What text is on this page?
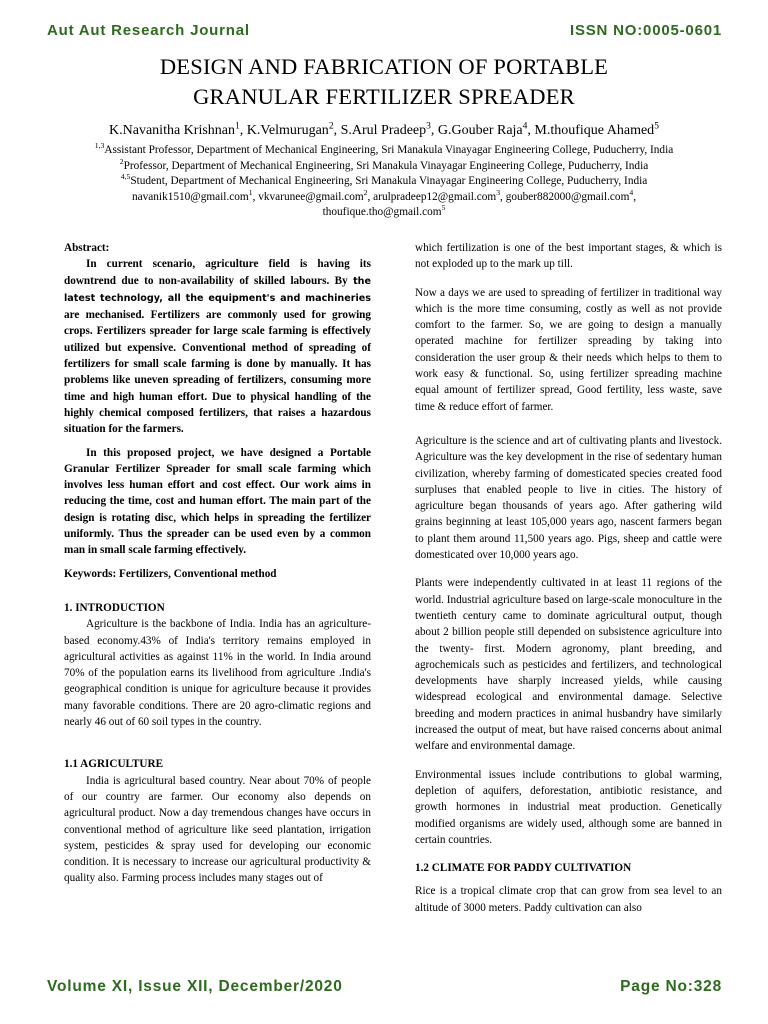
Aut Aut Research Journal	ISSN NO:0005-0601
DESIGN AND FABRICATION OF PORTABLE
GRANULAR FERTILIZER SPREADER
K.Navanitha Krishnan$^1$, K.Velmurugan$^2$, S.Arul Pradeep$^3$, G.Gouber Raja$^4$, M.thoufique Ahamed$^5$
$^{1,3}$Assistant Professor, Department of Mechanical Engineering, Sri Manakula Vinayagar Engineering College, Puducherry, India
$^2$Professor, Department of Mechanical Engineering, Sri Manakula Vinayagar Engineering College, Puducherry, India
$^{4,5}$Student, Department of Mechanical Engineering, Sri Manakula Vinayagar Engineering College, Puducherry, India
navanik1510@gmail.com$^1$, vkvarunee@gmail.com$^2$, arulpradeep12@gmail.com$^3$, gouber882000@gmail.com$^4$,
thoufique.tho@gmail.com$^5$

Abstract:

In current scenario, agriculture field is having its downtrend due to non-availability of skilled labours. By the latest technology, all the equipment's and machineries are mechanised. Fertilizers are commonly used for growing crops. Fertilizers spreader for large scale farming is effectively utilized but expensive. Conventional method of spreading of fertilizers for small scale farming is done by manually. It has problems like uneven spreading of fertilizers, consuming more time and high human effort. Due to physical handling of the highly chemical composed fertilizers, that raises a hazardous situation for the farmers.

In this proposed project, we have designed a Portable Granular Fertilizer Spreader for small scale farming which involves less human effort and cost effect. Our work aims in reducing the time, cost and human effort. The main part of the design is rotating disc, which helps in spreading the fertilizer uniformly. Thus the spreader can be used even by a common man in small scale farming effectively.

Keywords: Fertilizers, Conventional method

1. INTRODUCTION

Agriculture is the backbone of India. India has an agriculture-based economy.43% of India's territory remains employed in agricultural activities as against 11% in the world. In India around 70% of the population earns its livelihood from agriculture .India's geographical condition is unique for agriculture because it provides many favorable conditions. There are 20 agro-climatic regions and nearly 46 out of 60 soil types in the country.

1.1 AGRICULTURE

India is agricultural based country. Near about 70% of people of our country are farmer. Our economy also depends on agricultural product. Now a day tremendous changes have occurs in conventional method of agriculture like seed plantation, irrigation system, pesticides & spray used for developing our economic condition. It is necessary to increase our agricultural productivity & quality also. Farming process includes many stages out of

which fertilization is one of the best important stages, & which is not exploded up to the mark up till.

Now a days we are used to spreading of fertilizer in traditional way which is the more time consuming, costly as well as not provide comfort to the farmer. So, we are going to design a manually operated machine for fertilizer spreading by taking into consideration the user group & their needs which helps to them to work easy & functional. So, using fertilizer spreading machine equal amount of fertilizer spread, Good fertility, less waste, save time & reduce effort of farmer.

Agriculture is the science and art of cultivating plants and livestock. Agriculture was the key development in the rise of sedentary human civilization, whereby farming of domesticated species created food surpluses that enabled people to live in cities. The history of agriculture began thousands of years ago. After gathering wild grains beginning at least 105,000 years ago, nascent farmers began to plant them around 11,500 years ago. Pigs, sheep and cattle were domesticated over 10,000 years ago.

Plants were independently cultivated in at least 11 regions of the world. Industrial agriculture based on large-scale monoculture in the twentieth century came to dominate agricultural output, though about 2 billion people still depended on subsistence agriculture into the twenty- first. Modern agronomy, plant breeding, and agrochemicals such as pesticides and fertilizers, and technological developments have sharply increased yields, while causing widespread ecological and environmental damage. Selective breeding and modern practices in animal husbandry have similarly increased the output of meat, but have raised concerns about animal welfare and environmental damage.

Environmental issues include contributions to global warming, depletion of aquifers, deforestation, antibiotic resistance, and growth hormones in industrial meat production. Genetically modified organisms are widely used, although some are banned in certain countries.

1.2 CLIMATE FOR PADDY CULTIVATION

Rice is a tropical climate crop that can grow from sea level to an altitude of 3000 meters. Paddy cultivation can also

Volume XI, Issue XII, December/2020	Page No:328
